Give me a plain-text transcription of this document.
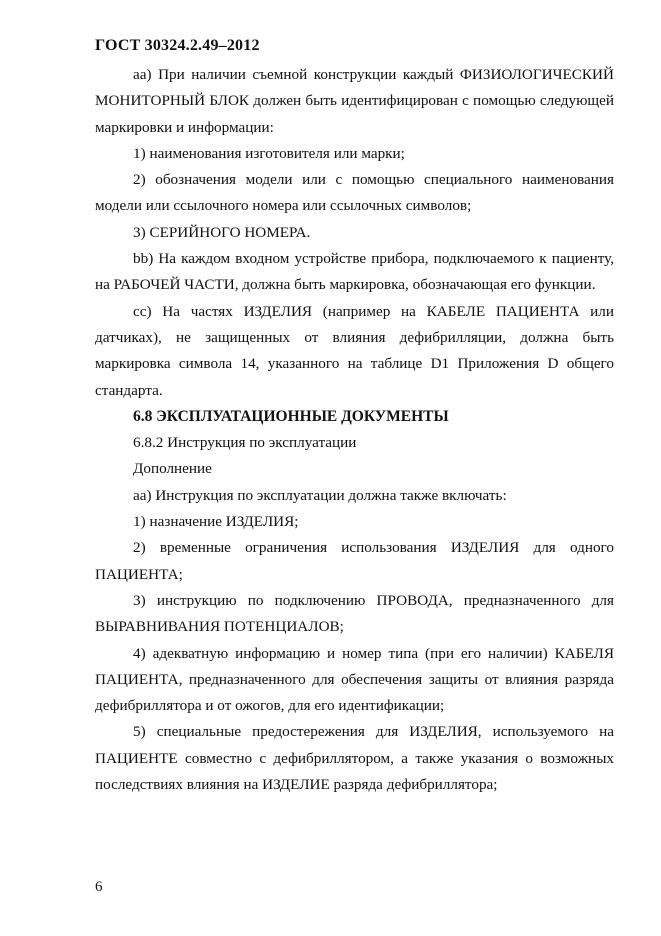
ГОСТ 30324.2.49–2012

аа) При наличии съемной конструкции каждый ФИЗИОЛОГИЧЕСКИЙ МОНИТОРНЫЙ БЛОК должен быть идентифицирован с помощью следующей маркировки и информации:

1) наименования изготовителя или марки;

2) обозначения модели или с помощью специального наименования модели или ссылочного номера или ссылочных символов;

3) СЕРИЙНОГО НОМЕРА.

bb) На каждом входном устройстве прибора, подключаемого к пациенту, на РАБОЧЕЙ ЧАСТИ, должна быть маркировка, обозначающая его функции.

cc) На частях ИЗДЕЛИЯ (например на КАБЕЛЕ ПАЦИЕНТА или датчиках), не защищенных от влияния дефибрилляции, должна быть маркировка символа 14, указанного на таблице D1 Приложения D общего стандарта.

6.8 ЭКСПЛУАТАЦИОННЫЕ ДОКУМЕНТЫ

6.8.2 Инструкция по эксплуатации

Дополнение

аа) Инструкция по эксплуатации должна также включать:

1) назначение ИЗДЕЛИЯ;

2) временные ограничения использования ИЗДЕЛИЯ для одного ПАЦИЕНТА;

3) инструкцию по подключению ПРОВОДА, предназначенного для ВЫРАВНИВАНИЯ ПОТЕНЦИАЛОВ;

4) адекватную информацию и номер типа (при его наличии) КАБЕЛЯ ПАЦИЕНТА, предназначенного для обеспечения защиты от влияния разряда дефибриллятора и от ожогов, для его идентификации;

5) специальные предостережения для ИЗДЕЛИЯ, используемого на ПАЦИЕНТЕ совместно с дефибриллятором, а также указания о возможных последствиях влияния на ИЗДЕЛИЕ разряда дефибриллятора;

6
